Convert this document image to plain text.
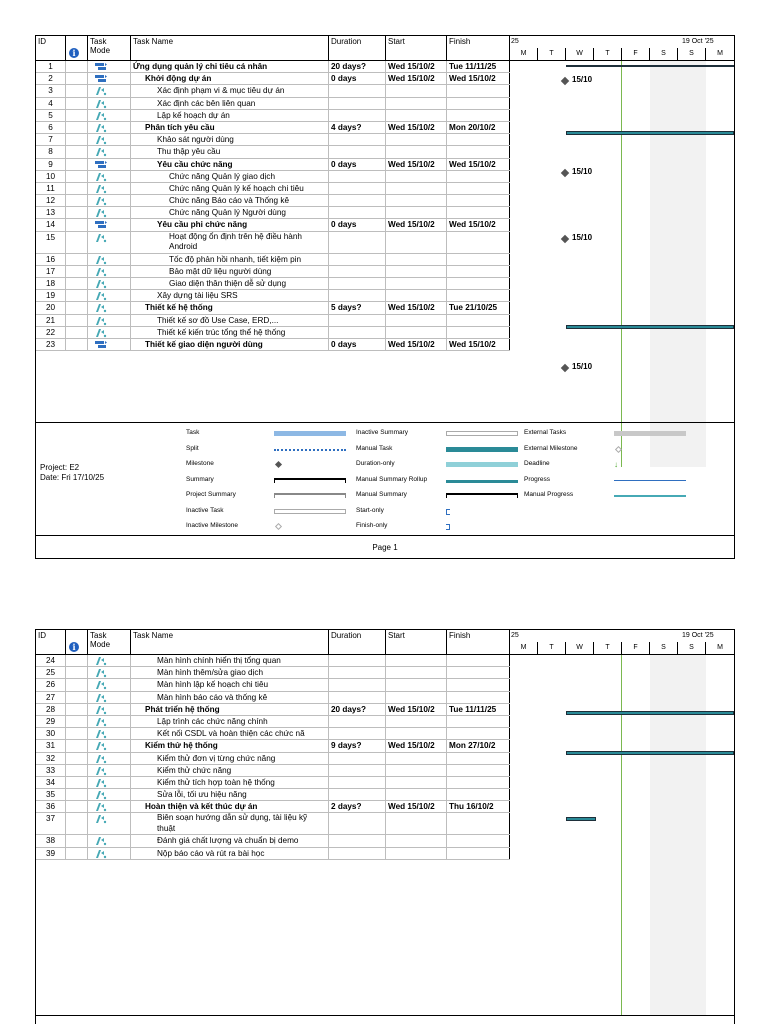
ID
i
Task Mode
Task Name	Duration	Start	Finish	25	19 Oct '25
M	T	W	T	F	S	S	M
15/10
15/10
15/10
15/10
1	Ứng dụng quản lý chi tiêu cá nhân	20 days?	Wed 15/10/2	Tue 11/11/25
2	Khởi động dự án	0 days	Wed 15/10/2	Wed 15/10/2
3	Xác định phạm vi & mục tiêu dự án
4	Xác định các bên liên quan
5	Lập kế hoạch dự án
6	Phân tích yêu cầu	4 days?	Wed 15/10/2	Mon 20/10/2
7	Khảo sát người dùng
8	Thu thập yêu cầu
9	Yêu cầu chức năng	0 days	Wed 15/10/2	Wed 15/10/2
10	Chức năng Quản lý giao dịch
11	Chức năng Quản lý kế hoạch chi tiêu
12	Chức năng Báo cáo và Thống kê
13	Chức năng Quản lý Người dùng
14	Yêu cầu phi chức năng	0 days	Wed 15/10/2	Wed 15/10/2
15	Hoạt động ổn định trên hệ điều hành Android
16	Tốc độ phản hồi nhanh, tiết kiệm pin
17	Bảo mật dữ liệu người dùng
18	Giao diện thân thiện dễ sử dụng
19	Xây dựng tài liệu SRS
20	Thiết kế hệ thống	5 days?	Wed 15/10/2	Tue 21/10/25
21	Thiết kế sơ đồ Use Case, ERD,...
22	Thiết kế kiến trúc tổng thể hệ thống
23	Thiết kế giao diện người dùng	0 days	Wed 15/10/2	Wed 15/10/2
Project: E2
Date: Fri 17/10/25
Task
Split
Milestone
Summary
Project Summary
Inactive Task
Inactive Milestone
Inactive Summary
Manual Task
Duration-only
Manual Summary Rollup
Manual Summary
Start-only
Finish-only
External Tasks
External Milestone
Deadline	↓
Progress
Manual Progress
Page 1
ID
i
Task Mode
Task Name	Duration	Start	Finish	25	19 Oct '25
M	T	W	T	F	S	S	M
24	Màn hình chính hiển thị tổng quan
25	Màn hình thêm/sửa giao dịch
26	Màn hình lập kế hoạch chi tiêu
27	Màn hình báo cáo và thống kê
28	Phát triển hệ thống	20 days?	Wed 15/10/2	Tue 11/11/25
29	Lập trình các chức năng chính
30	Kết nối CSDL và hoàn thiện các chức nă
31	Kiểm thử hệ thống	9 days?	Wed 15/10/2	Mon 27/10/2
32	Kiểm thử đơn vị từng chức năng
33	Kiểm thử chức năng
34	Kiểm thử tích hợp toàn hệ thống
35	Sửa lỗi, tối ưu hiệu năng
36	Hoàn thiện và kết thúc dự án	2 days?	Wed 15/10/2	Thu 16/10/2
37	Biên soạn hướng dẫn sử dụng, tài liệu kỹ thuật
38	Đánh giá chất lượng và chuẩn bị demo
39	Nộp báo cáo và rút ra bài học
